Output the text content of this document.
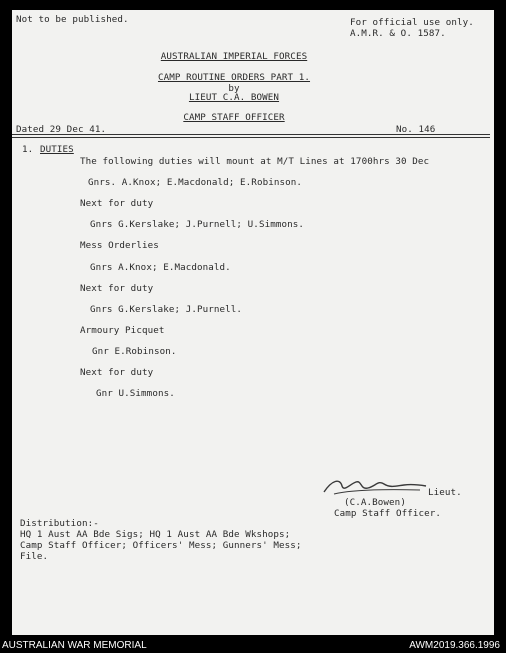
Not to be published.	For official use only.
A.M.R. & O. 1587.
AUSTRALIAN IMPERIAL FORCES
CAMP ROUTINE ORDERS PART 1.
by
LIEUT C.A. BOWEN
CAMP STAFF OFFICER
Dated 29 Dec 41.	No. 146
1. DUTIES
The following duties will mount at M/T Lines at 1700hrs 30 Dec
Gnrs. A.Knox; E.Macdonald; E.Robinson.
Next for duty
Gnrs G.Kerslake; J.Purnell; U.Simmons.
Mess Orderlies
Gnrs A.Knox; E.Macdonald.
Next for duty
Gnrs G.Kerslake; J.Purnell.
Armoury Picquet
Gnr E.Robinson.
Next for duty
Gnr U.Simmons.
Lieut.
(C.A.Bowen)
Camp Staff Officer.
Distribution:-
HQ 1 Aust AA Bde Sigs; HQ 1 Aust AA Bde Wkshops;
Camp Staff Officer; Officers' Mess; Gunners' Mess;
File.
AUSTRALIAN WAR MEMORIAL	AWM2019.366.1996
